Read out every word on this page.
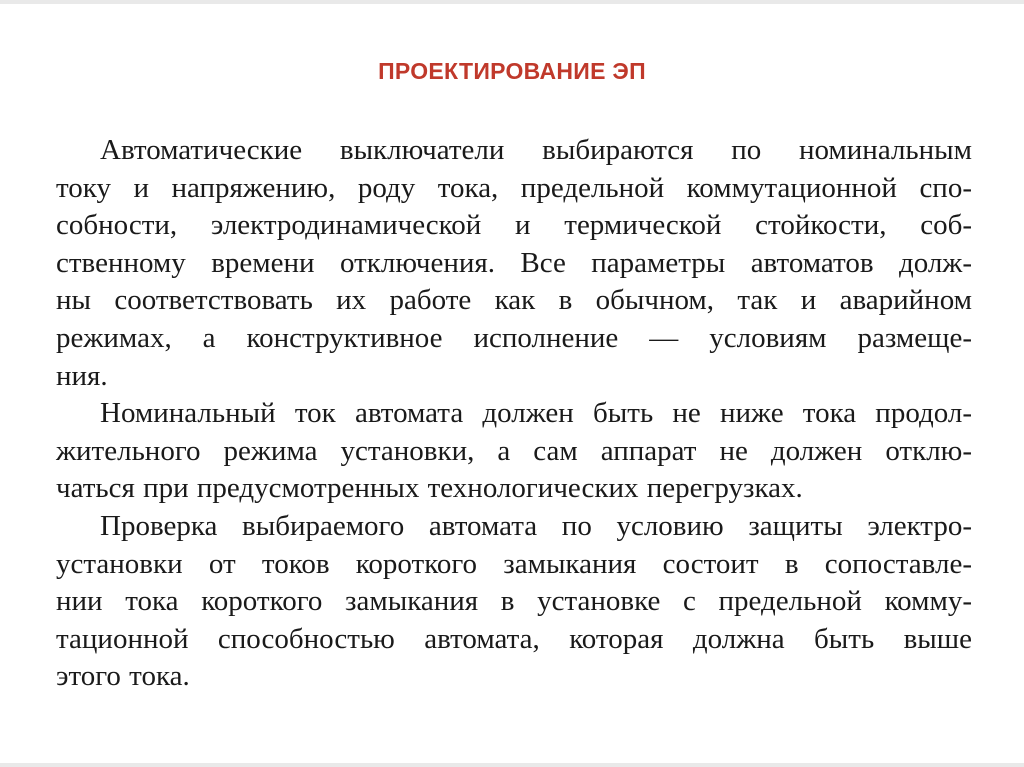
ПРОЕКТИРОВАНИЕ ЭП
Автоматические выключатели выбираются по номинальным
току и напряжению, роду тока, предельной коммутационной спо-
собности, электродинамической и термической стойкости, соб-
ственному времени отключения. Все параметры автоматов долж-
ны соответствовать их работе как в обычном, так и аварийном
режимах, а конструктивное исполнение — условиям размеще-
ния.
Номинальный ток автомата должен быть не ниже тока продол-
жительного режима установки, а сам аппарат не должен отклю-
чаться при предусмотренных технологических перегрузках.
Проверка выбираемого автомата по условию защиты электро-
установки от токов короткого замыкания состоит в сопоставле-
нии тока короткого замыкания в установке с предельной комму-
тационной способностью автомата, которая должна быть выше
этого тока.
